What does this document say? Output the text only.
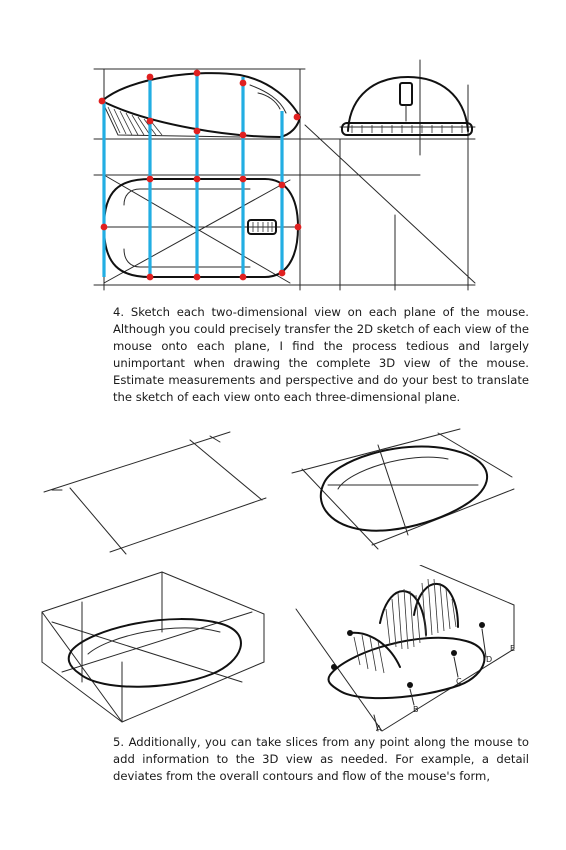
4. Sketch each two-dimensional view on each plane of the mouse. Although you could precisely transfer the 2D sketch of each view of the mouse onto each plane, I find the process tedious and largely unimportant when drawing the complete 3D view of the mouse. Estimate measurements and perspective and do your best to translate the sketch of each view onto each three-dimensional plane.

A
B
C
D
E

5. Additionally, you can take slices from any point along the mouse to add information to the 3D view as needed. For example, a detail deviates from the overall contours and flow of the mouse's form,
